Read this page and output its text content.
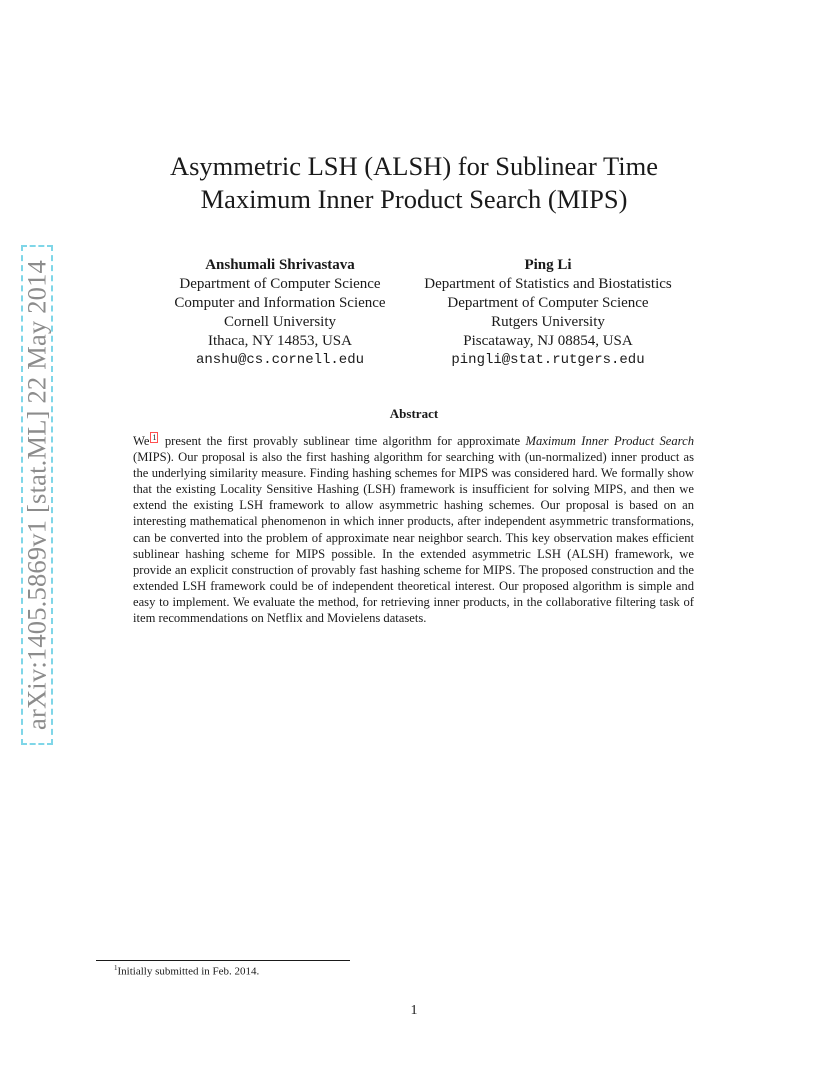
arXiv:1405.5869v1 [stat.ML] 22 May 2014
Asymmetric LSH (ALSH) for Sublinear Time
Maximum Inner Product Search (MIPS)
Anshumali Shrivastava
Department of Computer Science
Computer and Information Science
Cornell University
Ithaca, NY 14853, USA
anshu@cs.cornell.edu
Ping Li
Department of Statistics and Biostatistics
Department of Computer Science
Rutgers University
Piscataway, NJ 08854, USA
pingli@stat.rutgers.edu
Abstract
We 1 present the first provably sublinear time algorithm for approximate Maximum Inner Product Search (MIPS). Our proposal is also the first hashing algorithm for searching with (un-normalized) inner product as the underlying similarity measure. Finding hashing schemes for MIPS was considered hard. We formally show that the existing Locality Sensitive Hashing (LSH) framework is insufficient for solving MIPS, and then we extend the existing LSH framework to allow asymmetric hashing schemes. Our proposal is based on an interesting mathematical phenomenon in which inner products, after independent asymmetric transformations, can be converted into the problem of approximate near neighbor search. This key observation makes efficient sublinear hashing scheme for MIPS possible. In the extended asymmetric LSH (ALSH) framework, we provide an explicit construction of provably fast hashing scheme for MIPS. The proposed construction and the extended LSH framework could be of independent theoretical interest. Our proposed algorithm is simple and easy to implement. We evaluate the method, for retrieving inner products, in the collaborative filtering task of item recommendations on Netflix and Movielens datasets.
$^1$Initially submitted in Feb. 2014.
1
